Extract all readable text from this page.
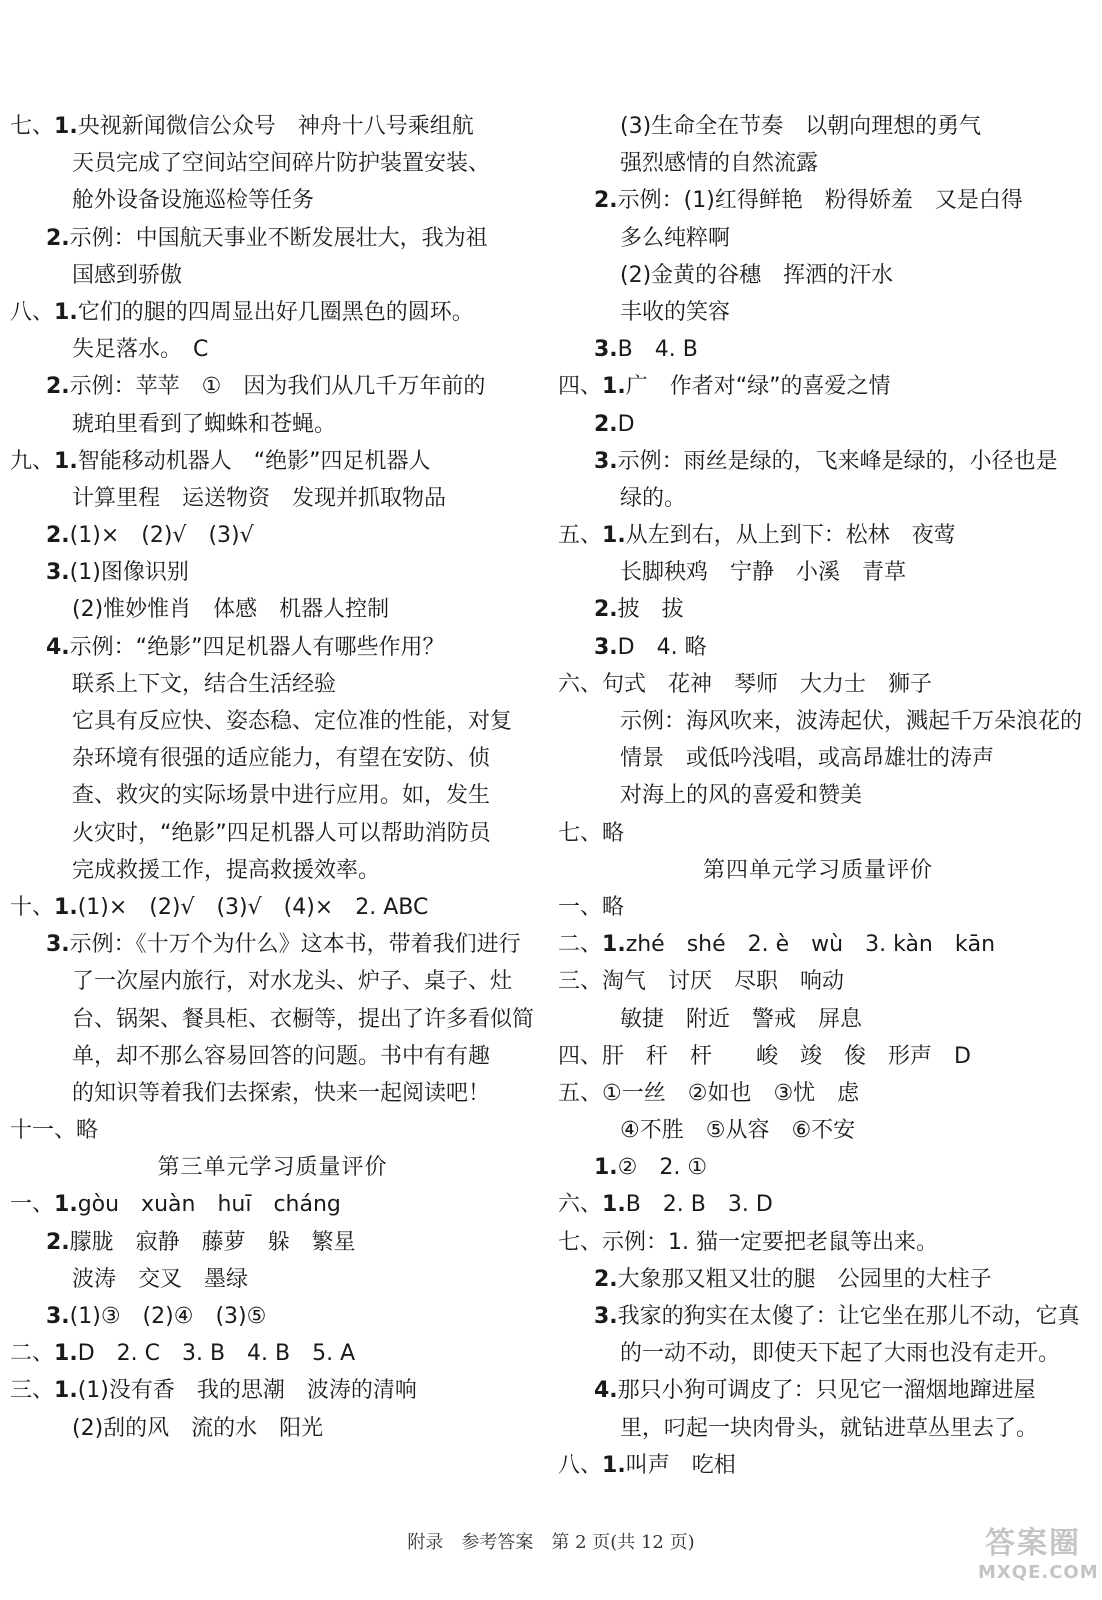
七、1.央视新闻微信公众号　神舟十八号乘组航
天员完成了空间站空间碎片防护装置安装、
舱外设备设施巡检等任务
2.示例：中国航天事业不断发展壮大，我为祖
国感到骄傲
八、1.它们的腿的四周显出好几圈黑色的圆环。
失足落水。　C
2.示例：苹苹　①　因为我们从几千万年前的
琥珀里看到了蜘蛛和苍蝇。
九、1.智能移动机器人　“绝影”四足机器人
计算里程　运送物资　发现并抓取物品
2.(1)×　(2)√　(3)√
3.(1)图像识别
(2)惟妙惟肖　体感　机器人控制
4.示例：“绝影”四足机器人有哪些作用？
联系上下文，结合生活经验
它具有反应快、姿态稳、定位准的性能，对复
杂环境有很强的适应能力，有望在安防、侦
查、救灾的实际场景中进行应用。如，发生
火灾时，“绝影”四足机器人可以帮助消防员
完成救援工作，提高救援效率。
十、1.(1)×　(2)√　(3)√　(4)×　2. ABC
3.示例：《十万个为什么》这本书，带着我们进行
了一次屋内旅行，对水龙头、炉子、桌子、灶
台、锅架、餐具柜、衣橱等，提出了许多看似简
单，却不那么容易回答的问题。书中有有趣
的知识等着我们去探索，快来一起阅读吧！
十一、略
第三单元学习质量评价
一、1.gòu　xuàn　huī　cháng
2.朦胧　寂静　藤萝　躲　繁星
波涛　交叉　墨绿
3.(1)③　(2)④　(3)⑤
二、1.D　2. C　3. B　4. B　5. A
三、1.(1)没有香　我的思潮　波涛的清响
(2)刮的风　流的水　阳光
(3)生命全在节奏　以朝向理想的勇气
强烈感情的自然流露
2.示例：(1)红得鲜艳　粉得娇羞　又是白得
多么纯粹啊
(2)金黄的谷穗　挥洒的汗水
丰收的笑容
3.B　4. B
四、1.广　作者对“绿”的喜爱之情
2.D
3.示例：雨丝是绿的，飞来峰是绿的，小径也是
绿的。
五、1.从左到右，从上到下：松林　夜莺
长脚秧鸡　宁静　小溪　青草
2.披　拔
3.D　4. 略
六、句式　花神　琴师　大力士　狮子
示例：海风吹来，波涛起伏，溅起千万朵浪花的
情景　或低吟浅唱，或高昂雄壮的涛声
对海上的风的喜爱和赞美
七、略
第四单元学习质量评价
一、略
二、1.zhé　shé　2. è　wù　3. kàn　kān
三、淘气　讨厌　尽职　响动
敏捷　附近　警戒　屏息
四、肝　秆　杆　　峻　竣　俊　形声　D
五、①一丝　②如也　③忧　虑
④不胜　⑤从容　⑥不安
1.②　2. ①
六、1.B　2. B　3. D
七、示例：1. 猫一定要把老鼠等出来。
2.大象那又粗又壮的腿　公园里的大柱子
3.我家的狗实在太傻了：让它坐在那儿不动，它真
的一动不动，即使天下起了大雨也没有走开。
4.那只小狗可调皮了：只见它一溜烟地蹿进屋
里，叼起一块肉骨头，就钻进草丛里去了。
八、1.叫声　吃相
附录　参考答案　第 2 页(共 12 页)	答案圈
MXQE.COM
